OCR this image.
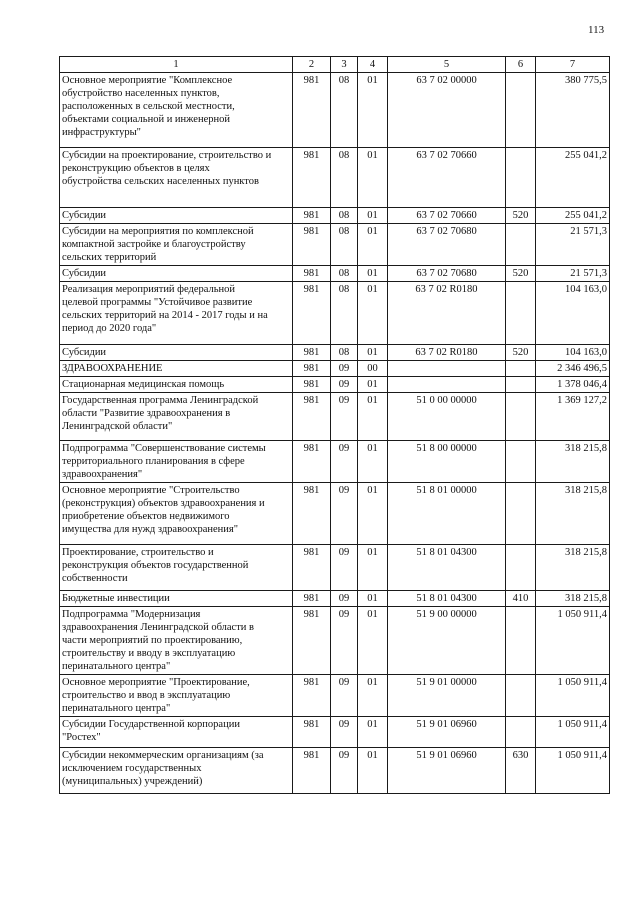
113
1	2	3	4	5	6	7

Основное мероприятие "Комплексное
обустройство населенных пунктов,
расположенных в сельской местности,
объектами социальной и инженерной
инфраструктуры"	981	08	01	63 7 02 00000		380 775,5

Субсидии на проектирование, строительство и
реконструкцию объектов в целях
обустройства сельских населенных пунктов	981	08	01	63 7 02 70660		255 041,2

Субсидии	981	08	01	63 7 02 70660	520	255 041,2

Субсидии на мероприятия по комплексной
компактной застройке и благоустройству
сельских территорий	981	08	01	63 7 02 70680		21 571,3

Субсидии	981	08	01	63 7 02 70680	520	21 571,3

Реализация мероприятий федеральной
целевой программы "Устойчивое развитие
сельских территорий на 2014 - 2017 годы и на
период до 2020 года"	981	08	01	63 7 02 R0180		104 163,0

Субсидии	981	08	01	63 7 02 R0180	520	104 163,0

ЗДРАВООХРАНЕНИЕ	981	09	00			2 346 496,5

Стационарная медицинская помощь	981	09	01			1 378 046,4

Государственная программа Ленинградской
области "Развитие здравоохранения в
Ленинградской области"	981	09	01	51 0 00 00000		1 369 127,2

Подпрограмма "Совершенствование системы
территориального планирования в сфере
здравоохранения"	981	09	01	51 8 00 00000		318 215,8

Основное мероприятие "Строительство
(реконструкция) объектов здравоохранения и
приобретение объектов недвижимого
имущества для нужд здравоохранения"	981	09	01	51 8 01 00000		318 215,8

Проектирование, строительство и
реконструкция объектов государственной
собственности	981	09	01	51 8 01 04300		318 215,8

Бюджетные инвестиции	981	09	01	51 8 01 04300	410	318 215,8

Подпрограмма "Модернизация
здравоохранения Ленинградской области в
части мероприятий по проектированию,
строительству и вводу в эксплуатацию
перинатального центра"	981	09	01	51 9 00 00000		1 050 911,4

Основное мероприятие "Проектирование,
строительство и ввод в эксплуатацию
перинатального центра"	981	09	01	51 9 01 00000		1 050 911,4

Субсидии Государственной корпорации
"Ростех"	981	09	01	51 9 01 06960		1 050 911,4

Субсидии некоммерческим организациям (за
исключением государственных
(муниципальных) учреждений)	981	09	01	51 9 01 06960	630	1 050 911,4
